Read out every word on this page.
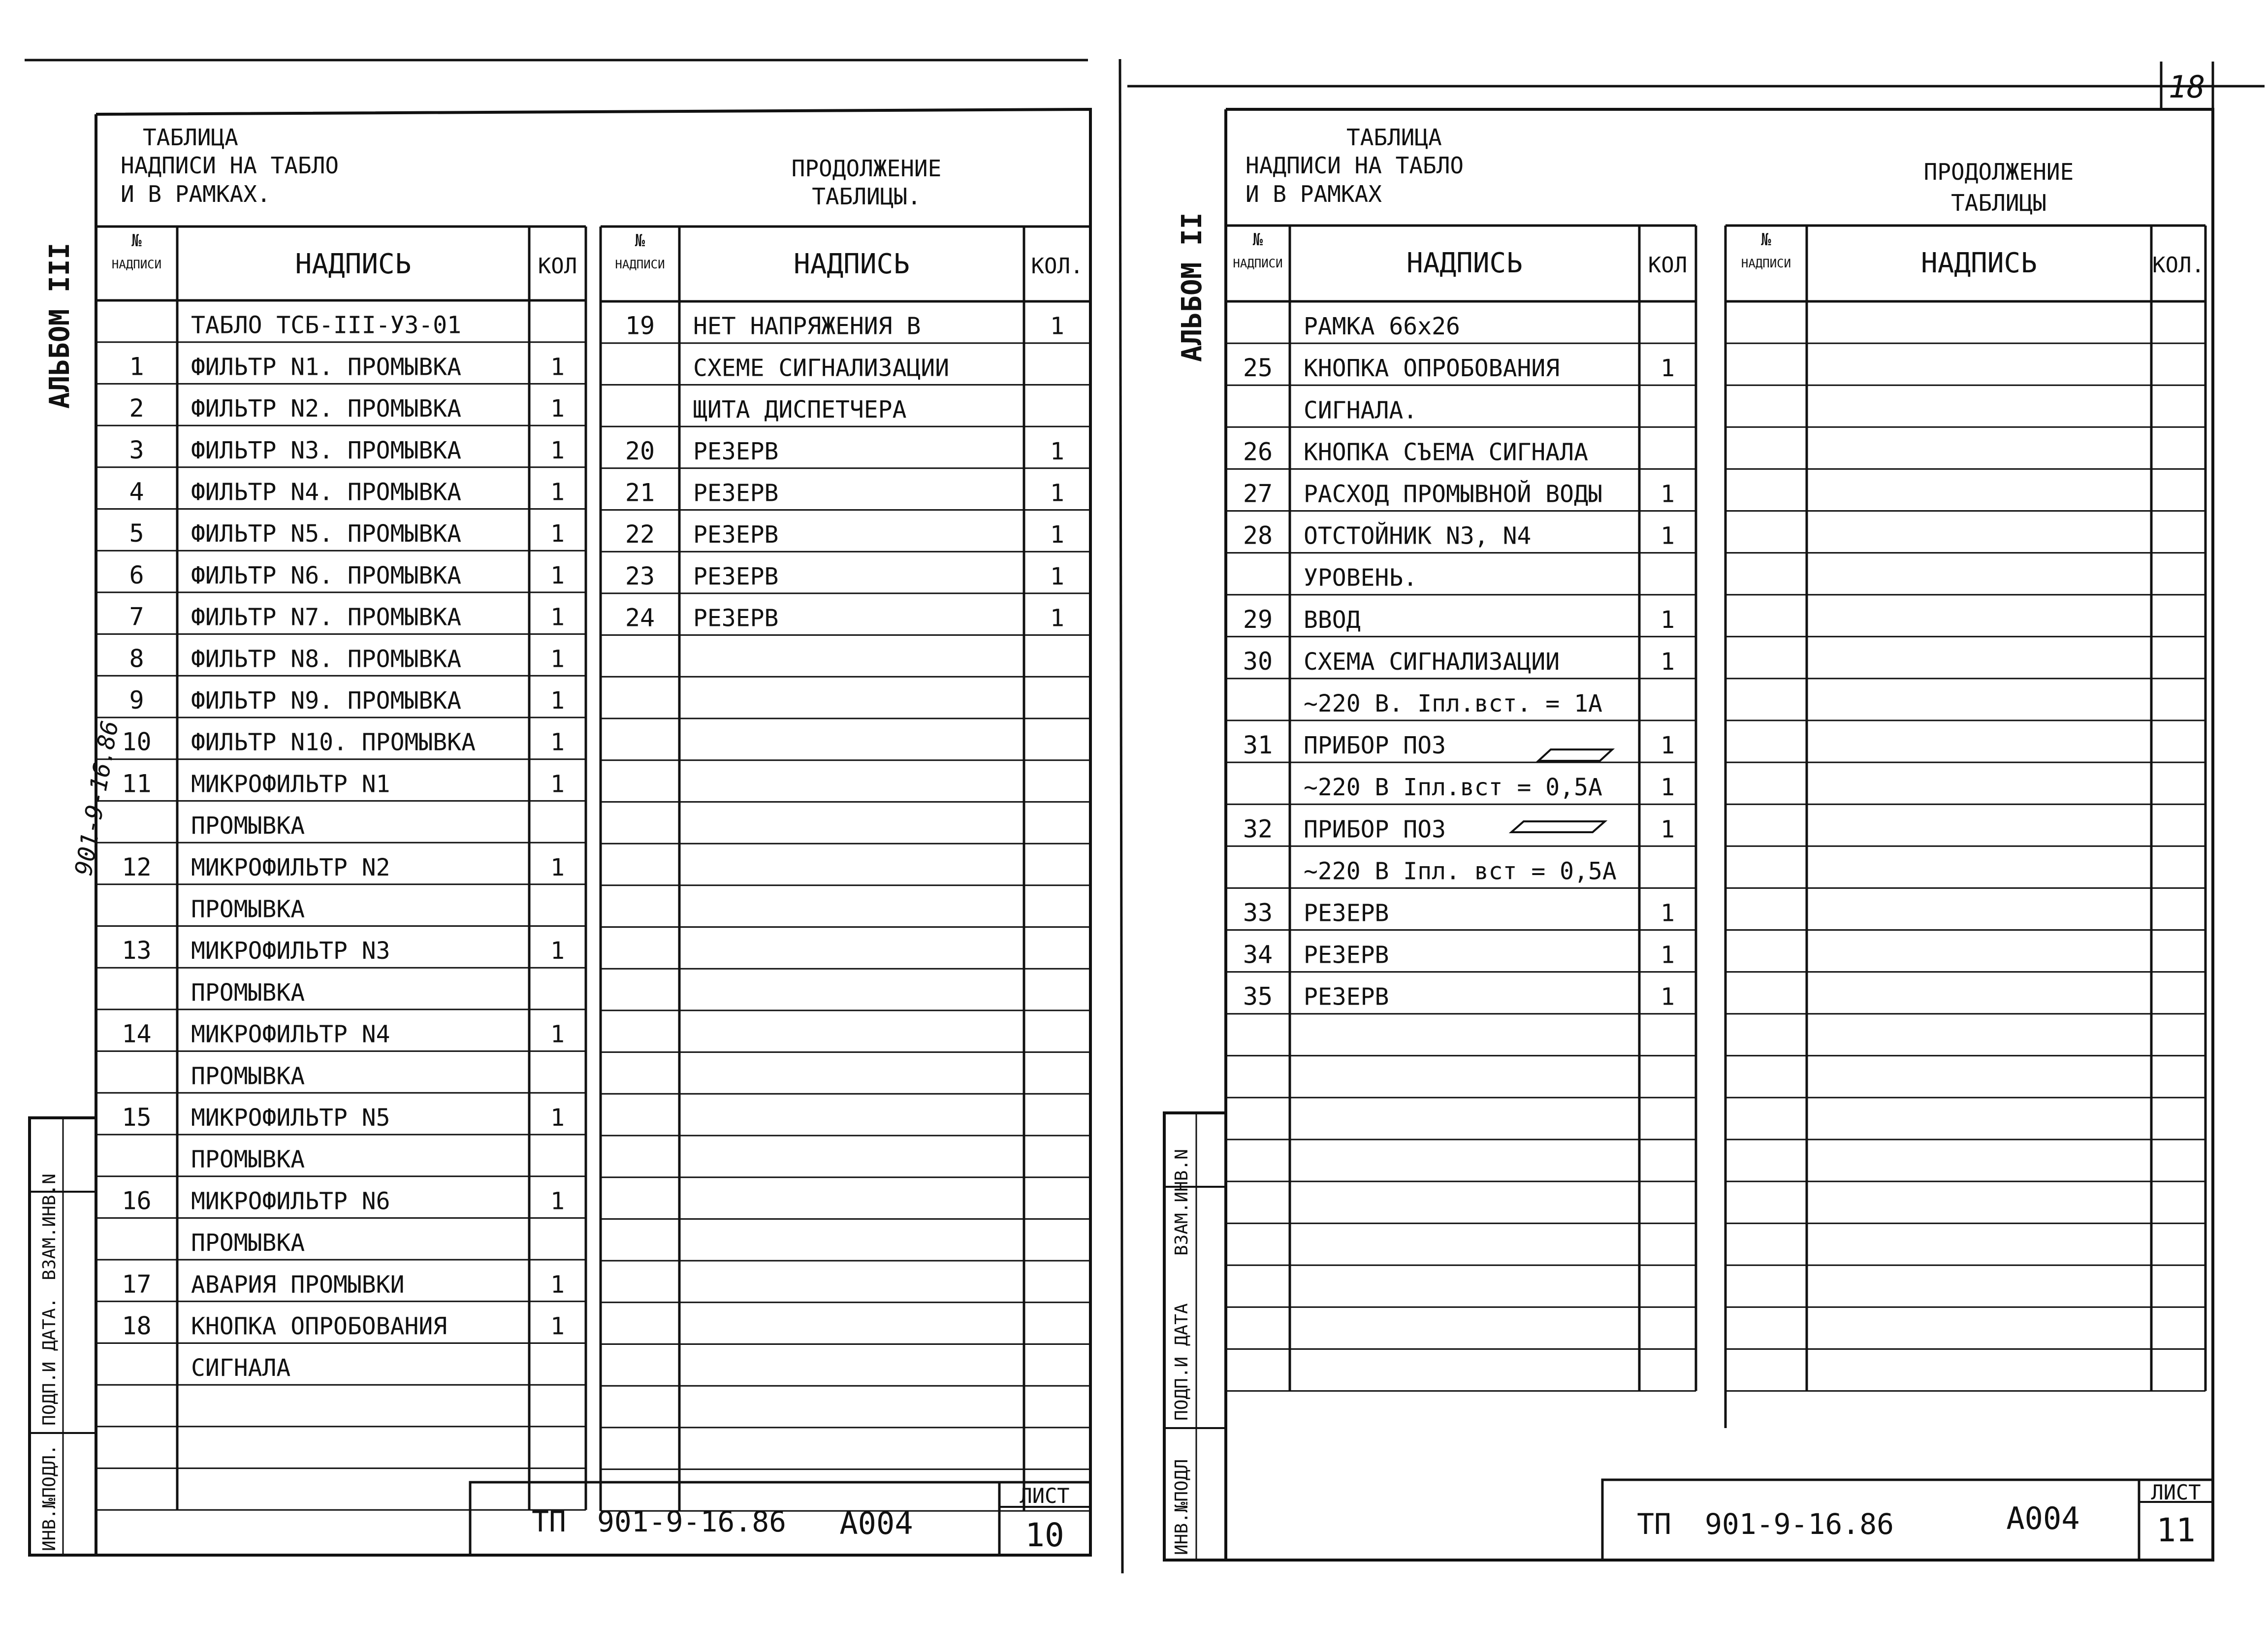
№
НАДПИСИ	НАДПИСЬ	КОЛ
ТАБЛО ТСБ-III-УЗ-01
1 ФИЛЬТР N1. ПРОМЫВКА	1
2 ФИЛЬТР N2. ПРОМЫВКА	1
3 ФИЛЬТР N3. ПРОМЫВКА	1
4 ФИЛЬТР N4. ПРОМЫВКА	1
5 ФИЛЬТР N5. ПРОМЫВКА	1
6 ФИЛЬТР N6. ПРОМЫВКА	1
7 ФИЛЬТР N7. ПРОМЫВКА	1
8 ФИЛЬТР N8. ПРОМЫВКА	1
9 ФИЛЬТР N9. ПРОМЫВКА	1
10 ФИЛЬТР N10. ПРОМЫВКА	1
11 МИКРОФИЛЬТР N1	1
ПРОМЫВКА
12 МИКРОФИЛЬТР N2	1
ПРОМЫВКА
13 МИКРОФИЛЬТР N3	1
ПРОМЫВКА
14 МИКРОФИЛЬТР N4	1
ПРОМЫВКА
15 МИКРОФИЛЬТР N5	1
ПРОМЫВКА
16 МИКРОФИЛЬТР N6	1
ПРОМЫВКА
17 АВАРИЯ ПРОМЫВКИ	1
18 КНОПКА ОПРОБОВАНИЯ	1
СИГНАЛА
№
НАДПИСИ	НАДПИСЬ	КОЛ.
19 НЕТ НАПРЯЖЕНИЯ В	1
СХЕМЕ СИГНАЛИЗАЦИИ
ЩИТА ДИСПЕТЧЕРА
20 РЕЗЕРВ	1
21 РЕЗЕРВ	1
22 РЕЗЕРВ	1
23 РЕЗЕРВ	1
24 РЕЗЕРВ	1
№
НАДПИСИ	НАДПИСЬ	КОЛ
РАМКА 66х26
25 КНОПКА ОПРОБОВАНИЯ	1
СИГНАЛА.
26 КНОПКА СЪЕМА СИГНАЛА
27 РАСХОД ПРОМЫВНОЙ ВОДЫ 1
28 ОТСТОЙНИК N3, N4	1
УРОВЕНЬ.
29 ВВОД	1
30 СХЕМА СИГНАЛИЗАЦИИ	1
~220 В. Iпл.вст. = 1А
31 ПРИБОР ПОЗ	1
~220 В Iпл.вст = 0,5А 1
32 ПРИБОР ПОЗ	1
~220 В Iпл. вст = 0,5А
33 РЕЗЕРВ	1
34 РЕЗЕРВ	1
35 РЕЗЕРВ	1
№
НАДПИСИ	НАДПИСЬ	КОЛ.
18
ТАБЛИЦА
НАДПИСИ НА ТАБЛО
И В РАМКАХ.
ПРОДОЛЖЕНИЕ
ТАБЛИЦЫ.
АЛЬБОМ III
901-9-16.86
ИНВ.№ПОДЛ.
ПОДП.И ДАТА.
ВЗАМ.ИНВ.N
ТП 901-9-16.86 А004
ЛИСТ
10
ТАБЛИЦА
НАДПИСИ НА ТАБЛО
И В РАМКАХ
ПРОДОЛЖЕНИЕ
ТАБЛИЦЫ
АЛЬБОМ II
ИНВ.№ПОДЛ
ПОДП.И ДАТА
ВЗАМ.ИНВ.N
ТП 901-9-16.86	А004
ЛИСТ
11
